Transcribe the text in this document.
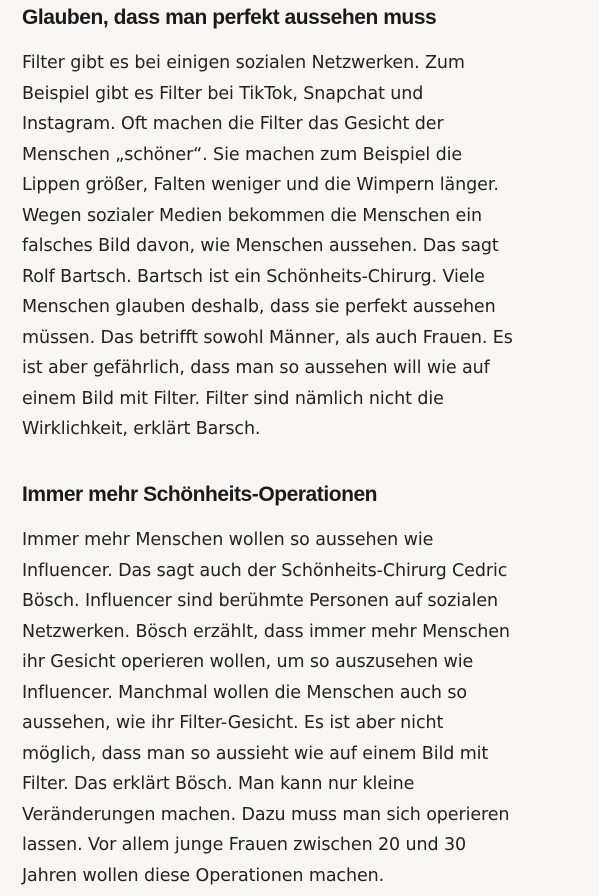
Glauben, dass man perfekt aussehen muss

Filter gibt es bei einigen sozialen Netzwerken. Zum
Beispiel gibt es Filter bei TikTok, Snapchat und
Instagram. Oft machen die Filter das Gesicht der
Menschen „schöner“. Sie machen zum Beispiel die
Lippen größer, Falten weniger und die Wimpern länger.
Wegen sozialer Medien bekommen die Menschen ein
falsches Bild davon, wie Menschen aussehen. Das sagt
Rolf Bartsch. Bartsch ist ein Schönheits-Chirurg. Viele
Menschen glauben deshalb, dass sie perfekt aussehen
müssen. Das betrifft sowohl Männer, als auch Frauen. Es
ist aber gefährlich, dass man so aussehen will wie auf
einem Bild mit Filter. Filter sind nämlich nicht die
Wirklichkeit, erklärt Barsch.

Immer mehr Schönheits-Operationen

Immer mehr Menschen wollen so aussehen wie
Influencer. Das sagt auch der Schönheits-Chirurg Cedric
Bösch. Influencer sind berühmte Personen auf sozialen
Netzwerken. Bösch erzählt, dass immer mehr Menschen
ihr Gesicht operieren wollen, um so auszusehen wie
Influencer. Manchmal wollen die Menschen auch so
aussehen, wie ihr Filter-Gesicht. Es ist aber nicht
möglich, dass man so aussieht wie auf einem Bild mit
Filter. Das erklärt Bösch. Man kann nur kleine
Veränderungen machen. Dazu muss man sich operieren
lassen. Vor allem junge Frauen zwischen 20 und 30
Jahren wollen diese Operationen machen.
